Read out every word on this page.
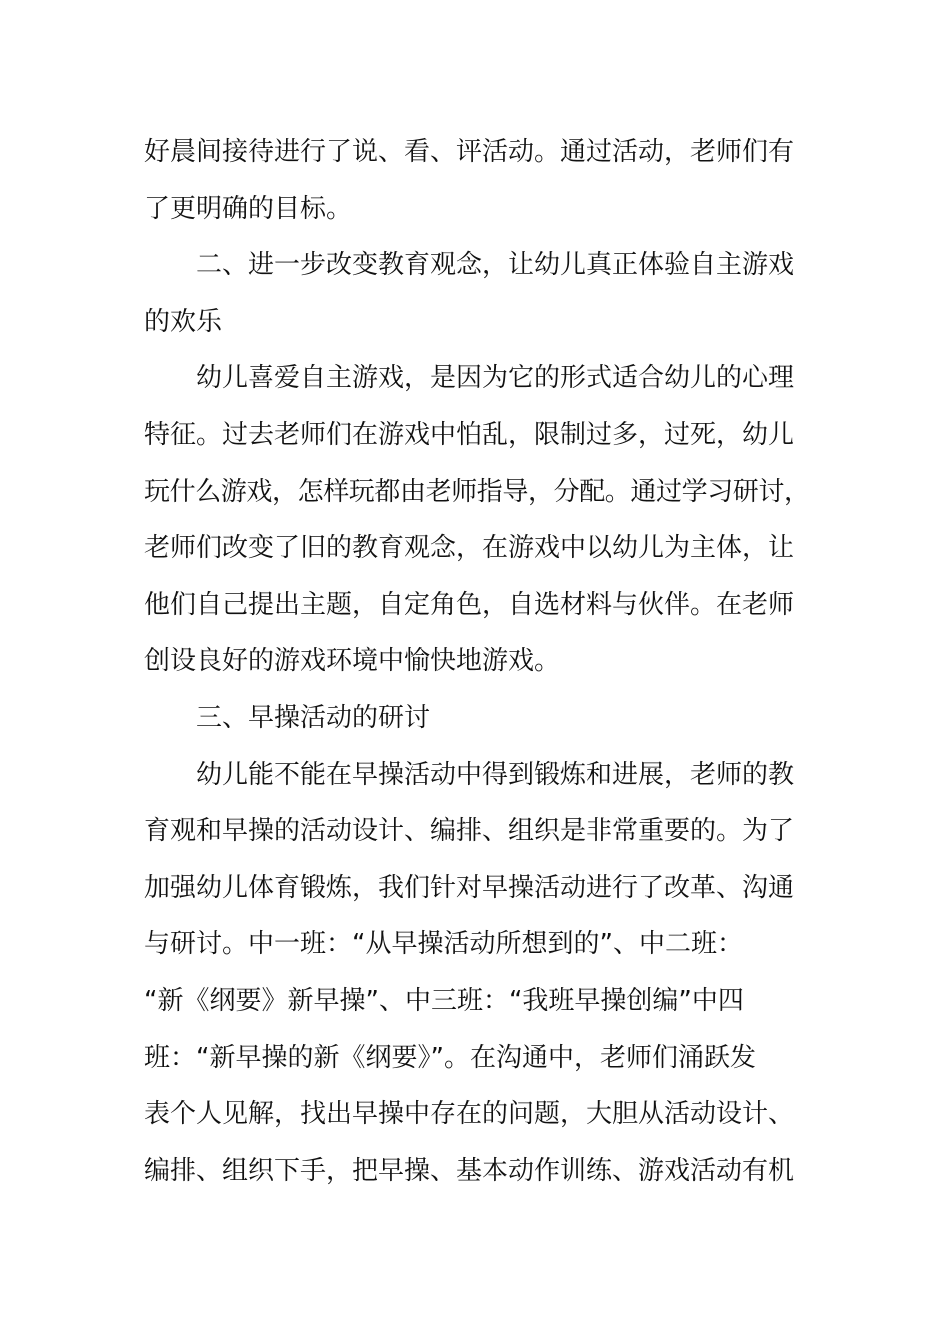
好晨间接待进行了说、看、评活动。通过活动，老师们有
了更明确的目标。
二、进一步改变教育观念，让幼儿真正体验自主游戏
的欢乐
幼儿喜爱自主游戏，是因为它的形式适合幼儿的心理
特征。过去老师们在游戏中怕乱，限制过多，过死，幼儿
玩什么游戏，怎样玩都由老师指导，分配。通过学习研讨，
老师们改变了旧的教育观念，在游戏中以幼儿为主体，让
他们自己提出主题，自定角色，自选材料与伙伴。在老师
创设良好的游戏环境中愉快地游戏。
三、早操活动的研讨
幼儿能不能在早操活动中得到锻炼和进展，老师的教
育观和早操的活动设计、编排、组织是非常重要的。为了
加强幼儿体育锻炼，我们针对早操活动进行了改革、沟通
与研讨。中一班：“从早操活动所想到的”、中二班：
“新《纲要》新早操”、中三班：“我班早操创编”中四
班：“新早操的新《纲要》”。在沟通中，老师们涌跃发
表个人见解，找出早操中存在的问题，大胆从活动设计、
编排、组织下手，把早操、基本动作训练、游戏活动有机
